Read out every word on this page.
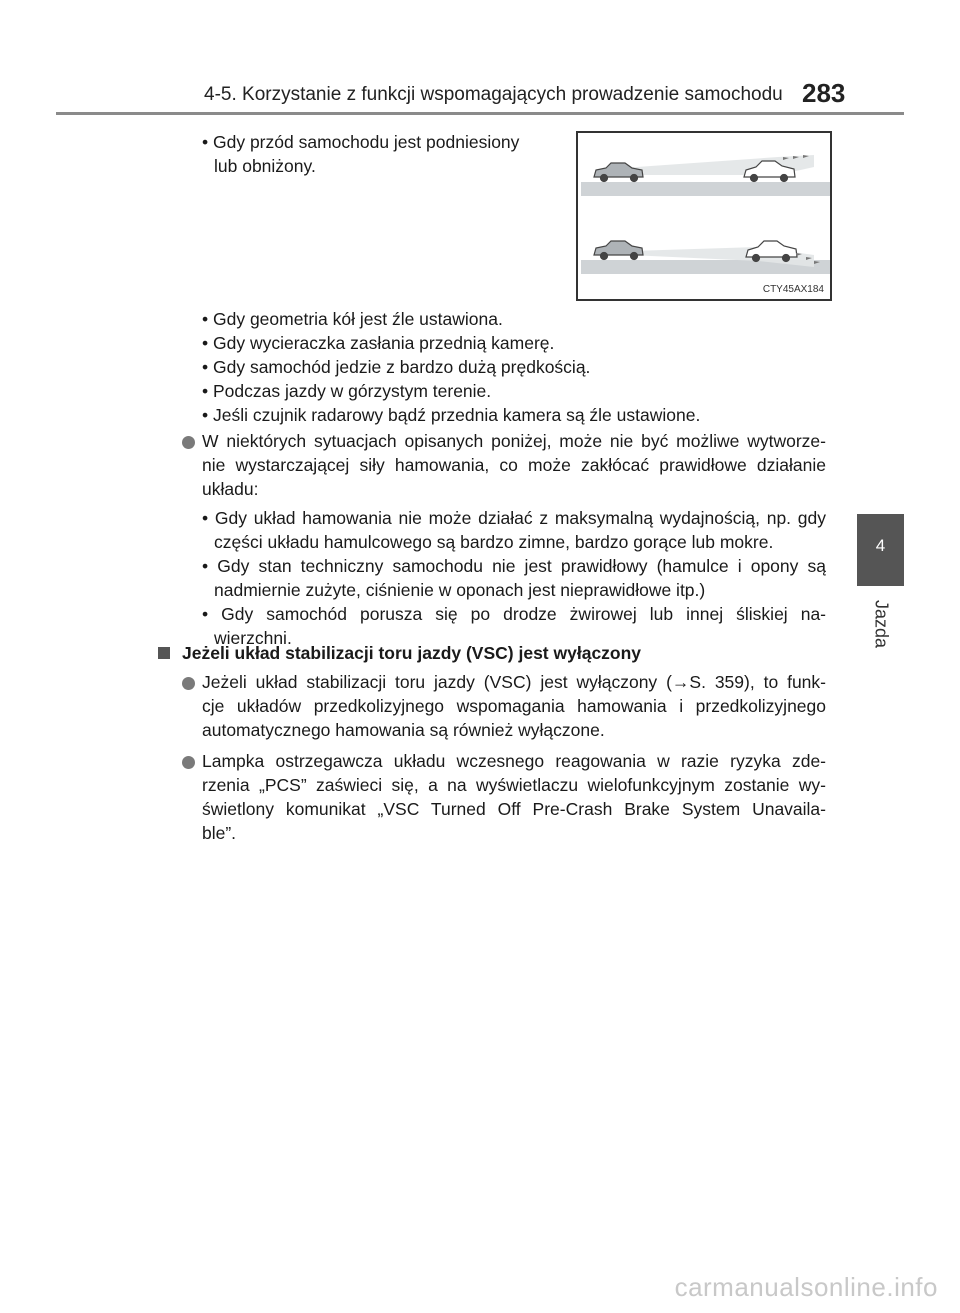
4-5. Korzystanie z funkcji wspomagających prowadzenie samochodu 283
4
Jazda
CTY45AX184
• Gdy przód samochodu jest podniesiony
lub obniżony.
• Gdy geometria kół jest źle ustawiona.
• Gdy wycieraczka zasłania przednią kamerę.
• Gdy samochód jedzie z bardzo dużą prędkością.
• Podczas jazdy w górzystym terenie.
• Jeśli czujnik radarowy bądź przednia kamera są źle ustawione.
W niektórych sytuacjach opisanych poniżej, może nie być możliwe wytworze-
nie wystarczającej siły hamowania, co może zakłócać prawidłowe działanie
układu:
• Gdy układ hamowania nie może działać z maksymalną wydajnością, np. gdy
części układu hamulcowego są bardzo zimne, bardzo gorące lub mokre.
• Gdy stan techniczny samochodu nie jest prawidłowy (hamulce i opony są
nadmiernie zużyte, ciśnienie w oponach jest nieprawidłowe itp.)
• Gdy samochód porusza się po drodze żwirowej lub innej śliskiej na-
wierzchni.
Jeżeli układ stabilizacji toru jazdy (VSC) jest wyłączony
Jeżeli układ stabilizacji toru jazdy (VSC) jest wyłączony (→S. 359), to funk-
cje układów przedkolizyjnego wspomagania hamowania i przedkolizyjnego
automatycznego hamowania są również wyłączone.
Lampka ostrzegawcza układu wczesnego reagowania w razie ryzyka zde-
rzenia „PCS” zaświeci się, a na wyświetlaczu wielofunkcyjnym zostanie wy-
świetlony komunikat „VSC Turned Off Pre-Crash Brake System Unavaila-
ble”.
carmanualsonline.info
